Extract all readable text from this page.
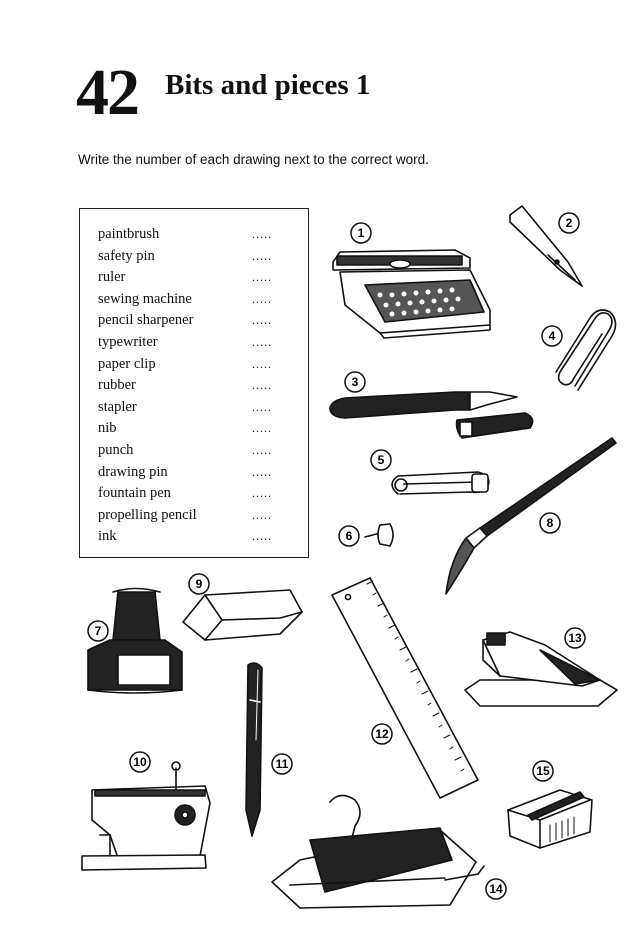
42 Bits and pieces 1
Write the number of each drawing next to the correct word.
paintbrush	.....
safety pin	.....
ruler	.....
sewing machine	.....
pencil sharpener	.....
typewriter	.....
paper clip	.....
rubber	.....
stapler	.....
nib	.....
punch	.....
drawing pin	.....
fountain pen	.....
propelling pencil	.....
ink	.....
1
2
3
4
5
6
7
8
9
10	11
12
13
14
15
